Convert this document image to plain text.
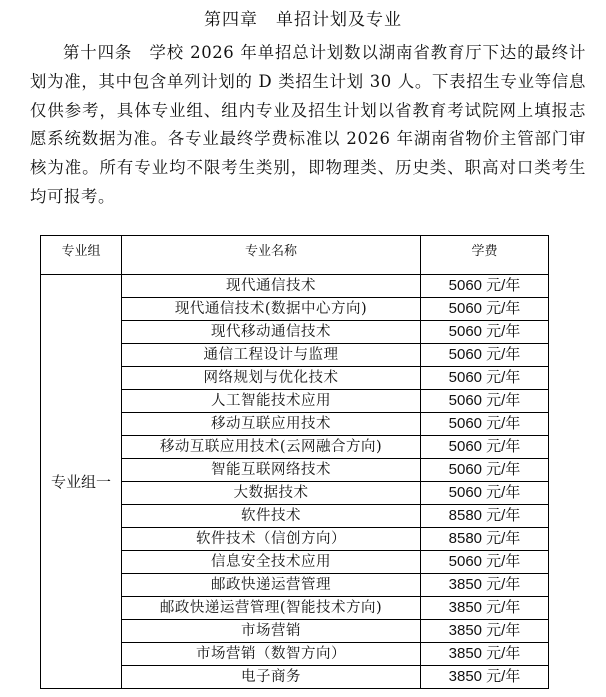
第四章　单招计划及专业

第十四条　学校 2026 年单招总计划数以湖南省教育厅下达的最终计划为准，其中包含单列计划的 D 类招生计划 30 人。下表招生专业等信息仅供参考，具体专业组、组内专业及招生计划以省教育考试院网上填报志愿系统数据为准。各专业最终学费标准以 2026 年湖南省物价主管部门审核为准。所有专业均不限考生类别，即物理类、历史类、职高对口类考生均可报考。

专业组	专业名称	学费
专业组一	现代通信技术	5060 元/年
	现代通信技术(数据中心方向)	5060 元/年
	现代移动通信技术	5060 元/年
	通信工程设计与监理	5060 元/年
	网络规划与优化技术	5060 元/年
	人工智能技术应用	5060 元/年
	移动互联应用技术	5060 元/年
	移动互联应用技术(云网融合方向)	5060 元/年
	智能互联网络技术	5060 元/年
	大数据技术	5060 元/年
	软件技术	8580 元/年
	软件技术（信创方向）	8580 元/年
	信息安全技术应用	5060 元/年
	邮政快递运营管理	3850 元/年
	邮政快递运营管理(智能技术方向)	3850 元/年
	市场营销	3850 元/年
	市场营销（数智方向）	3850 元/年
	电子商务	3850 元/年
